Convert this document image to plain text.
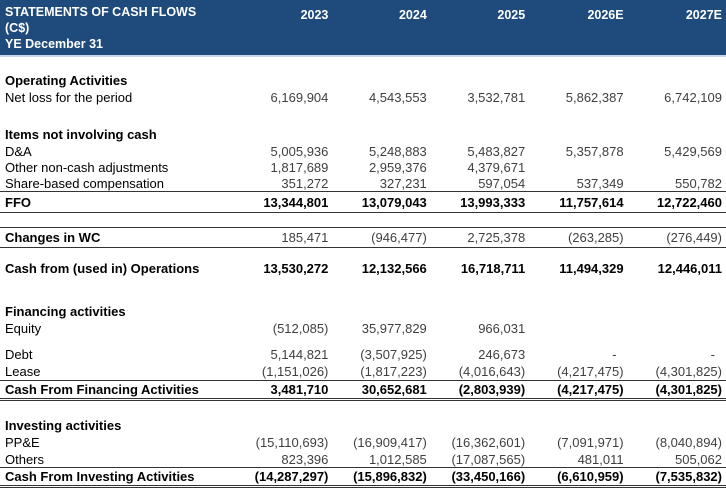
STATEMENTS OF CASH FLOWS
(C$)
YE December 31
2023	2024	2025	2026E	2027E
Operating Activities
Net loss for the period	6,169,904	4,543,553	3,532,781	5,862,387	6,742,109
Items not involving cash
D&A	5,005,936	5,248,883	5,483,827	5,357,878	5,429,569
Other non-cash adjustments	1,817,689	2,959,376	4,379,671
Share-based compensation	351,272	327,231	597,054	537,349	550,782
FFO	13,344,801	13,079,043	13,993,333	11,757,614	12,722,460
Changes in WC	185,471	(946,477)	2,725,378	(263,285)	(276,449)
Cash from (used in) Operations	13,530,272	12,132,566	16,718,711	11,494,329	12,446,011
Financing activities
Equity	(512,085)	35,977,829	966,031
Debt	5,144,821	(3,507,925)	246,673	-	-
Lease	(1,151,026)	(1,817,223)	(4,016,643)	(4,217,475)	(4,301,825)
Cash From Financing Activities	3,481,710	30,652,681	(2,803,939)	(4,217,475)	(4,301,825)
Investing activities
PP&E	(15,110,693)	(16,909,417)	(16,362,601)	(7,091,971)	(8,040,894)
Others	823,396	1,012,585	(17,087,565)	481,011	505,062
Cash From Investing Activities	(14,287,297)	(15,896,832)	(33,450,166)	(6,610,959)	(7,535,832)
